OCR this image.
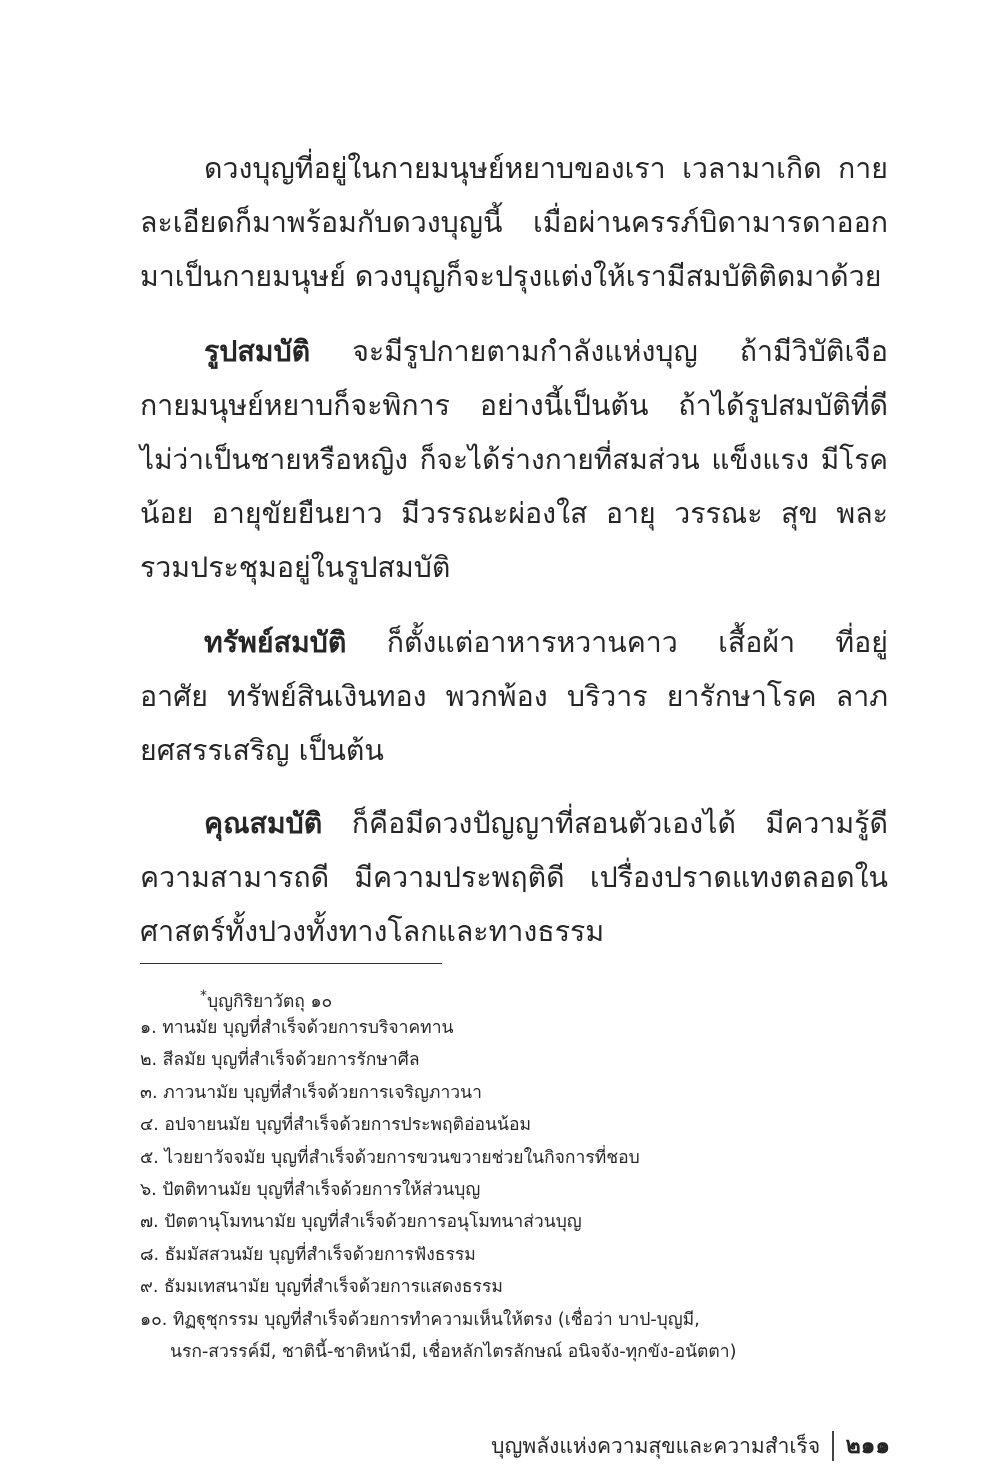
ดวงบุญที่อยู่ในกายมนุษย์หยาบของเรา เวลามาเกิด กาย
ละเอียดก็มาพร้อมกับดวงบุญนี้ เมื่อผ่านครรภ์บิดามารดาออก
มาเป็นกายมนุษย์ ดวงบุญก็จะปรุงแต่งให้เรามีสมบัติติดมาด้วย
รูปสมบัติ จะมีรูปกายตามกำลังแห่งบุญ ถ้ามีวิบัติเจือ
กายมนุษย์หยาบก็จะพิการ อย่างนี้เป็นต้น ถ้าได้รูปสมบัติที่ดี
ไม่ว่าเป็นชายหรือหญิง ก็จะได้ร่างกายที่สมส่วน แข็งแรง มีโรค
น้อย อายุขัยยืนยาว มีวรรณะผ่องใส อายุ วรรณะ สุข พละ
รวมประชุมอยู่ในรูปสมบัติ
ทรัพย์สมบัติ ก็ตั้งแต่อาหารหวานคาว เสื้อผ้า ที่อยู่
อาศัย ทรัพย์สินเงินทอง พวกพ้อง บริวาร ยารักษาโรค ลาภ
ยศสรรเสริญ เป็นต้น
คุณสมบัติ ก็คือมีดวงปัญญาที่สอนตัวเองได้ มีความรู้ดี
ความสามารถดี มีความประพฤติดี เปรื่องปราดแทงตลอดใน
ศาสตร์ทั้งปวงทั้งทางโลกและทางธรรม
*บุญกิริยาวัตถุ ๑๐
๑. ทานมัย บุญที่สำเร็จด้วยการบริจาคทาน
๒. สีลมัย บุญที่สำเร็จด้วยการรักษาศีล
๓. ภาวนามัย บุญที่สำเร็จด้วยการเจริญภาวนา
๔. อปจายนมัย บุญที่สำเร็จด้วยการประพฤติอ่อนน้อม
๕. ไวยยาวัจจมัย บุญที่สำเร็จด้วยการขวนขวายช่วยในกิจการที่ชอบ
๖. ปัตติทานมัย บุญที่สำเร็จด้วยการให้ส่วนบุญ
๗. ปัตตานุโมทนามัย บุญที่สำเร็จด้วยการอนุโมทนาส่วนบุญ
๘. ธัมมัสสวนมัย บุญที่สำเร็จด้วยการฟังธรรม
๙. ธัมมเทสนามัย บุญที่สำเร็จด้วยการแสดงธรรม
๑๐. ทิฏฐุชุกรรม บุญที่สำเร็จด้วยการทำความเห็นให้ตรง (เชื่อว่า บาป-บุญมี,
นรก-สวรรค์มี, ชาตินี้-ชาติหน้ามี, เชื่อหลักไตรลักษณ์ อนิจจัง-ทุกขัง-อนัตตา)
บุญพลังแห่งความสุขและความสำเร็จ ๒๑๑
